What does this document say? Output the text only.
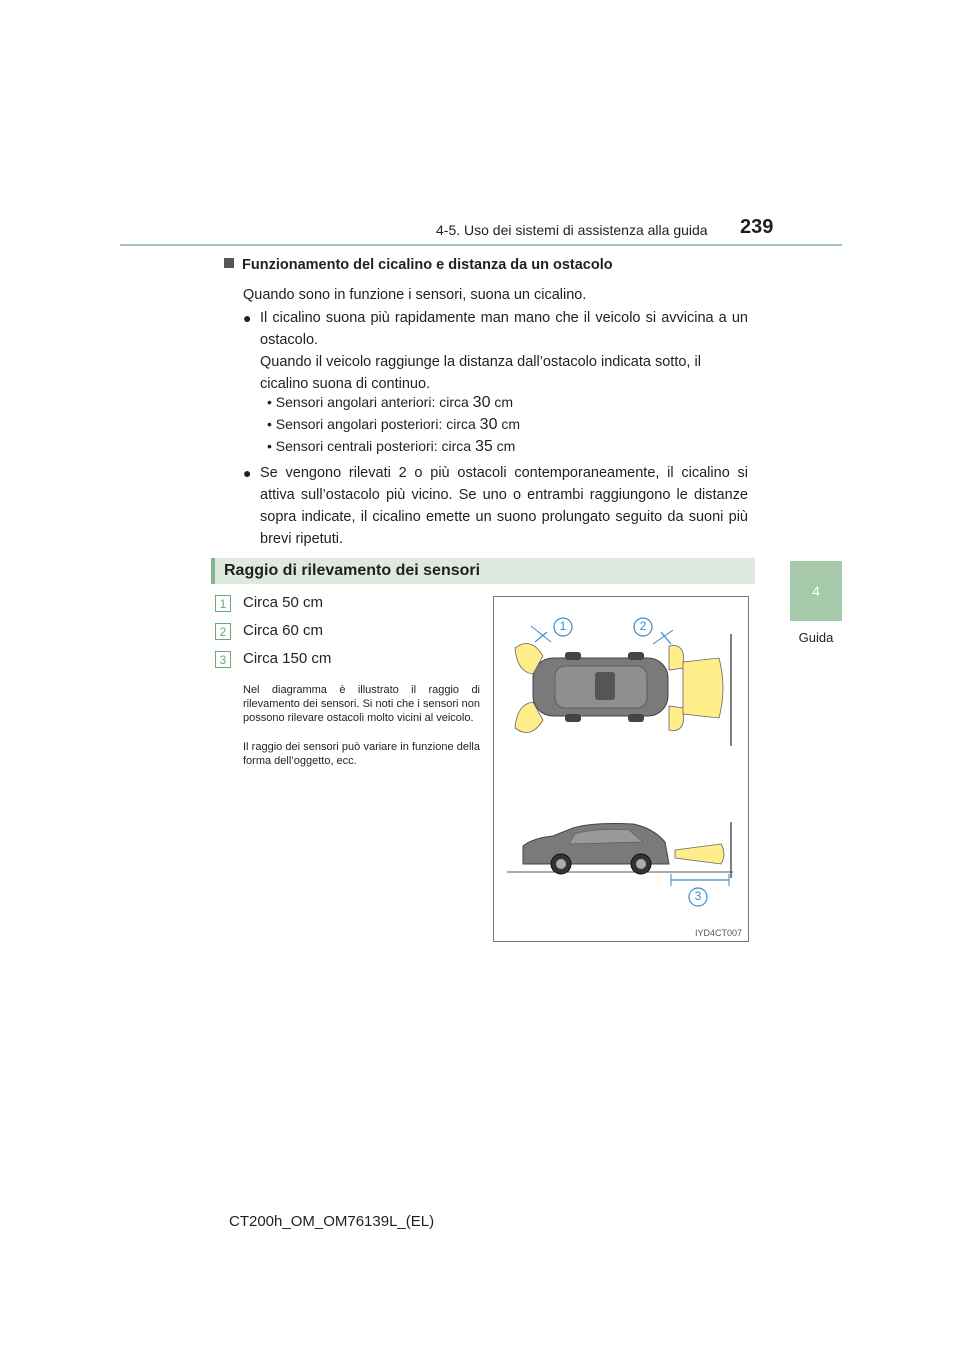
4-5. Uso dei sistemi di assistenza alla guida 239
4
Guida
Funzionamento del cicalino e distanza da un ostacolo
Quando sono in funzione i sensori, suona un cicalino.
● Il cicalino suona più rapidamente man mano che il veicolo si avvicina a un ostacolo.
Quando il veicolo raggiunge la distanza dall’ostacolo indicata sotto, il cicalino suona di continuo.
• Sensori angolari anteriori: circa 30 cm
• Sensori angolari posteriori: circa 30 cm
• Sensori centrali posteriori: circa 35 cm
● Se vengono rilevati 2 o più ostacoli contemporaneamente, il cicalino si attiva sull’ostacolo più vicino. Se uno o entrambi raggiungono le distanze sopra indicate, il cicalino emette un suono prolungato seguito da suoni più brevi ripetuti.
Raggio di rilevamento dei sensori
1	Circa 50 cm
2	Circa 60 cm
3	Circa 150 cm
Nel diagramma è illustrato il raggio di rilevamento dei sensori. Si noti che i sensori non possono rilevare ostacoli molto vicini al veicolo.
Il raggio dei sensori può variare in funzione della forma dell’oggetto, ecc.
1	2
3
IYD4CT007
CT200h_OM_OM76139L_(EL)
